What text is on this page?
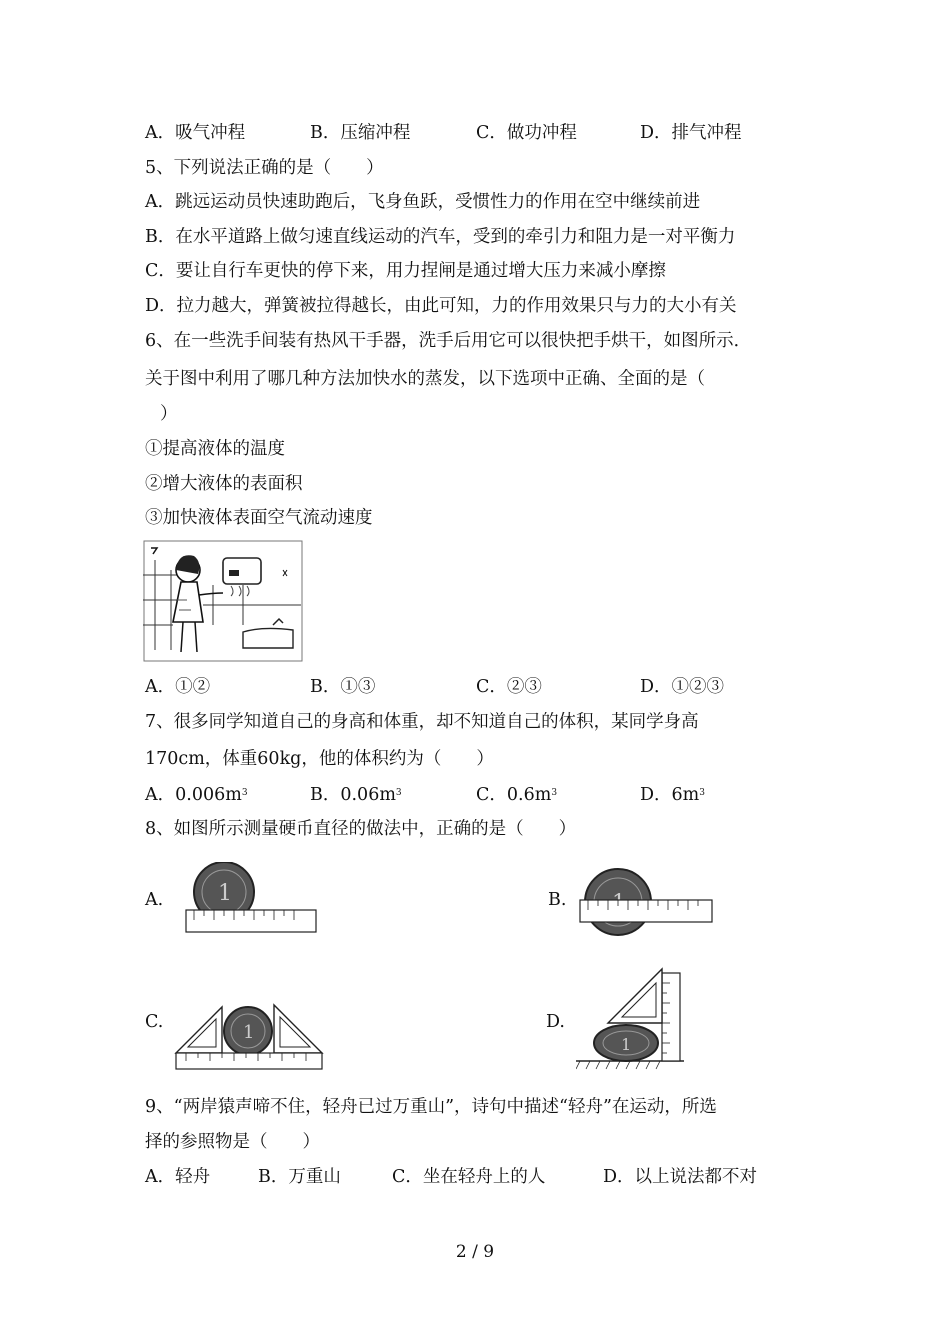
A．吸气冲程	B．压缩冲程	C．做功冲程	D．排气冲程
5、下列说法正确的是（　　）
A．跳远运动员快速助跑后，飞身鱼跃，受惯性力的作用在空中继续前进
B．在水平道路上做匀速直线运动的汽车，受到的牵引力和阻力是一对平衡力
C．要让自行车更快的停下来，用力捏闸是通过增大压力来减小摩擦
D．拉力越大，弹簧被拉得越长，由此可知，力的作用效果只与力的大小有关
6、在一些洗手间装有热风干手器，洗手后用它可以很快把手烘干，如图所示．
关于图中利用了哪几种方法加快水的蒸发，以下选项中正确、全面的是（
）
①提高液体的温度
②增大液体的表面积
③加快液体表面空气流动速度
A．①②	B．①③	C．②③	D．①②③
7、很多同学知道自己的身高和体重，却不知道自己的体积，某同学身高
170cm，体重60kg，他的体积约为（　　）
A．$0.006m^3$	B．$0.06m^3$	C．$0.6m^3$	D．$6m^3$
8、如图所示测量硬币直径的做法中，正确的是（　　）
A. 1	B.
C.	1	D.
1
9、“两岸猿声啼不住，轻舟已过万重山”，诗句中描述“轻舟”在运动，所选
择的参照物是（　　）
A．轻舟	B．万重山	C．坐在轻舟上的人	D．以上说法都不对
2 / 9
